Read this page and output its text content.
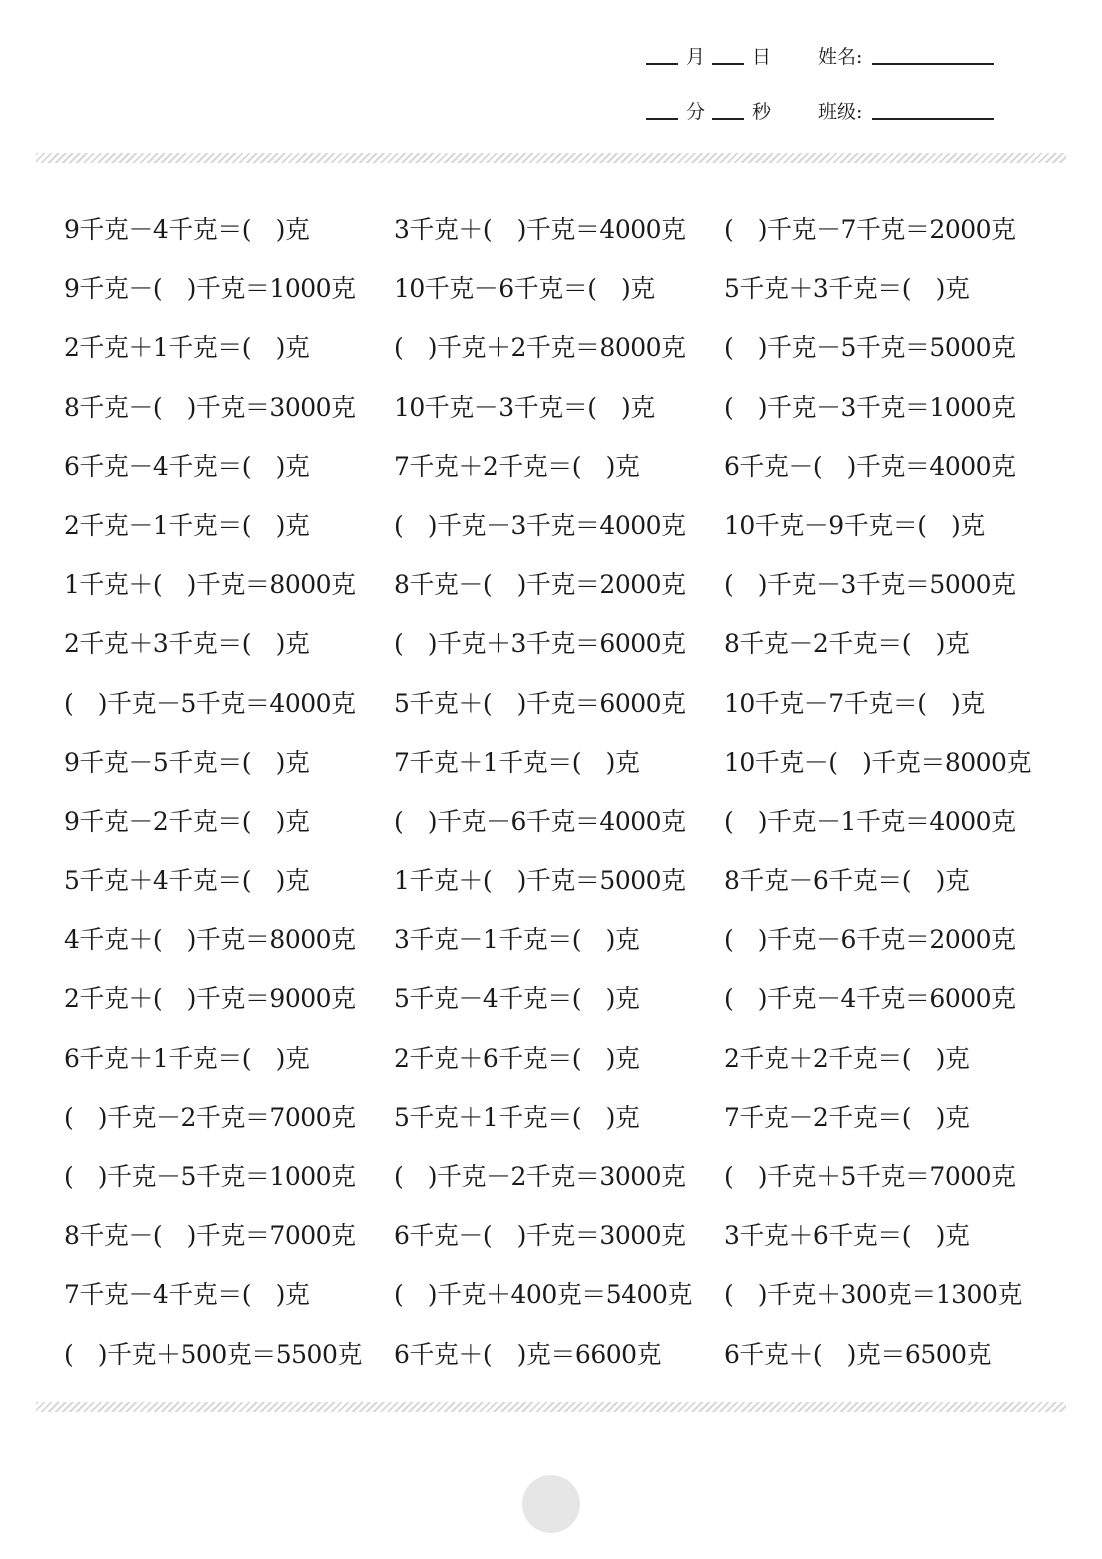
月 日 姓名:
分 秒 班级:
9千克－4千克＝(　)克	3千克＋(　)千克＝4000克 (　)千克－7千克＝2000克
9千克－(　)千克＝1000克 10千克－6千克＝(　)克	5千克＋3千克＝(　)克
2千克＋1千克＝(　)克	(　)千克＋2千克＝8000克 (　)千克－5千克＝5000克
8千克－(　)千克＝3000克 10千克－3千克＝(　)克	(　)千克－3千克＝1000克
6千克－4千克＝(　)克	7千克＋2千克＝(　)克	6千克－(　)千克＝4000克
2千克－1千克＝(　)克	(　)千克－3千克＝4000克 10千克－9千克＝(　)克
1千克＋(　)千克＝8000克 8千克－(　)千克＝2000克 (　)千克－3千克＝5000克
2千克＋3千克＝(　)克	(　)千克＋3千克＝6000克 8千克－2千克＝(　)克
(　)千克－5千克＝4000克 5千克＋(　)千克＝6000克 10千克－7千克＝(　)克
9千克－5千克＝(　)克	7千克＋1千克＝(　)克	10千克－(　)千克＝8000克
9千克－2千克＝(　)克	(　)千克－6千克＝4000克 (　)千克－1千克＝4000克
5千克＋4千克＝(　)克	1千克＋(　)千克＝5000克 8千克－6千克＝(　)克
4千克＋(　)千克＝8000克 3千克－1千克＝(　)克	(　)千克－6千克＝2000克
2千克＋(　)千克＝9000克 5千克－4千克＝(　)克	(　)千克－4千克＝6000克
6千克＋1千克＝(　)克	2千克＋6千克＝(　)克	2千克＋2千克＝(　)克
(　)千克－2千克＝7000克 5千克＋1千克＝(　)克	7千克－2千克＝(　)克
(　)千克－5千克＝1000克 (　)千克－2千克＝3000克 (　)千克＋5千克＝7000克
8千克－(　)千克＝7000克 6千克－(　)千克＝3000克 3千克＋6千克＝(　)克
7千克－4千克＝(　)克	(　)千克＋400克＝5400克 (　)千克＋300克＝1300克
(　)千克＋500克＝5500克 6千克＋(　)克＝6600克	6千克＋(　)克＝6500克
